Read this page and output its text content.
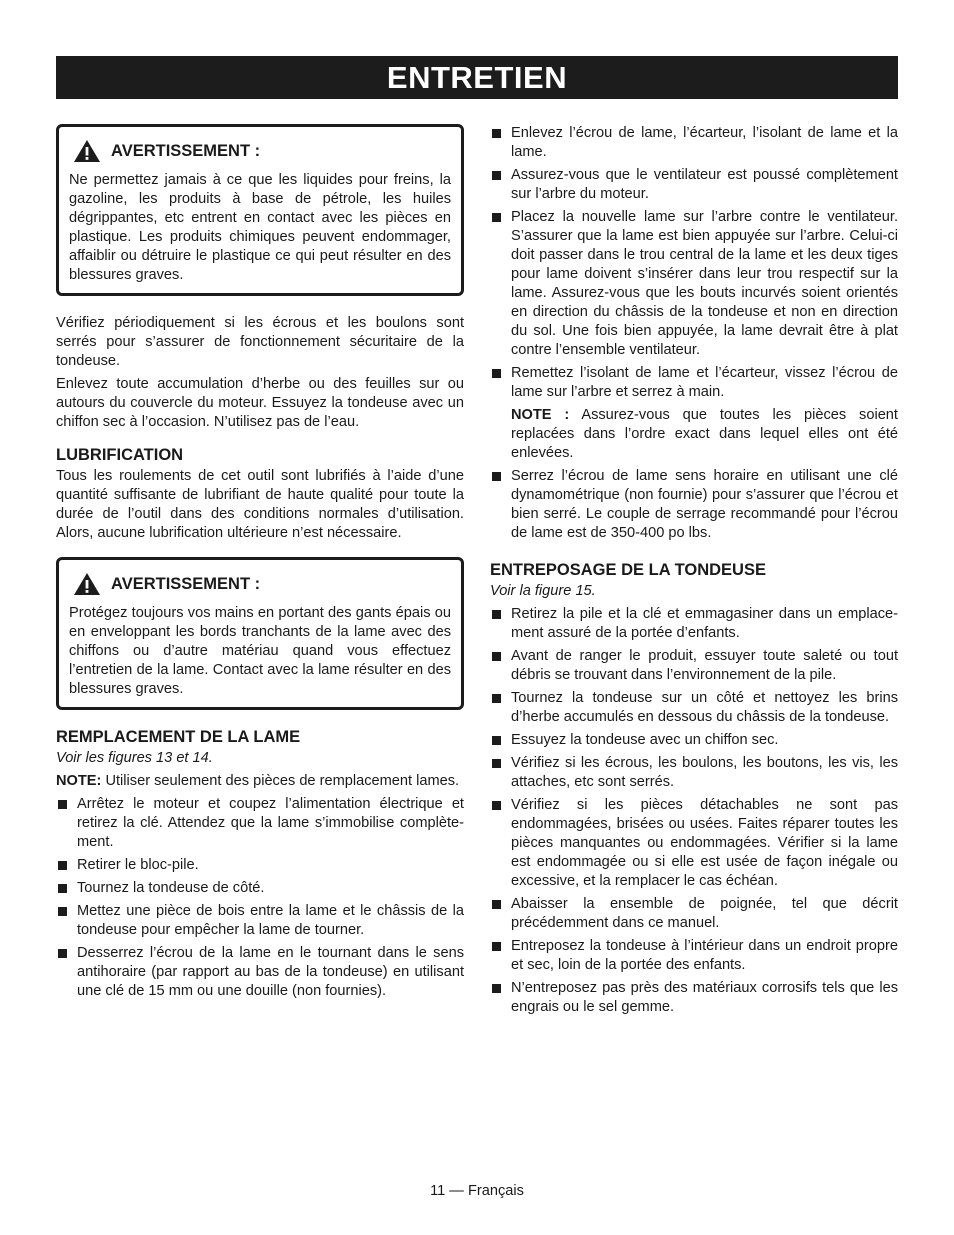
ENTRETIEN
AVERTISSEMENT :

Ne permettez jamais à ce que les liquides pour freins, la gazoline, les produits à base de pétrole, les huiles dégrippantes, etc entrent en contact avec les pièces en plastique. Les produits chimiques peuvent endommager, affaiblir ou détruire le plastique ce qui peut résulter en des blessures graves.

Vérifiez périodiquement si les écrous et les boulons sont serrés pour s’assurer de fonctionnement sécuritaire de la tondeuse.

Enlevez toute accumulation d’herbe ou des feuilles sur ou autours du couvercle du moteur. Essuyez la tondeuse avec un chiffon sec à l’occasion. N’utilisez pas de l’eau.

LUBRIFICATION

Tous les roulements de cet outil sont lubrifiés à l’aide d’une quantité suffisante de lubrifiant de haute qualité pour toute la durée de l’outil dans des conditions normales d’utilisation. Alors, aucune lubrification ultérieure n’est nécessaire.

AVERTISSEMENT :

Protégez toujours vos mains en portant des gants épais ou en enveloppant les bords tranchants de la lame avec des chiffons ou d’autre matériau quand vous effectuez l’entretien de la lame. Contact avec la lame résulter en des blessures graves.

REMPLACEMENT DE LA LAME
Voir les figures 13 et 14.

NOTE: Utiliser seulement des pièces de remplacement lames.

Arrêtez le moteur et coupez l’alimentation électrique et retirez la clé. Attendez que la lame s’immobilise complète-ment.
Retirer le bloc-pile.
Tournez la tondeuse de côté.
Mettez une pièce de bois entre la lame et le châssis de la tondeuse pour empêcher la lame de tourner.
Desserrez l’écrou de la lame en le tournant dans le sens antihoraire (par rapport au bas de la tondeuse) en utilisant une clé de 15 mm ou une douille (non fournies).
Enlevez l’écrou de lame, l’écarteur, l’isolant de lame et la lame.
Assurez-vous que le ventilateur est poussé complètement sur l’arbre du moteur.
Placez la nouvelle lame sur l’arbre contre le ventilateur. S’assurer que la lame est bien appuyée sur l’arbre. Celui-ci doit passer dans le trou central de la lame et les deux tiges pour lame doivent s’insérer dans leur trou respectif sur la lame. Assurez-vous que les bouts incurvés soient orientés en direction du châssis de la tondeuse et non en direction du sol. Une fois bien appuyée, la lame devrait être à plat contre l’ensemble ventilateur.
Remettez l’isolant de lame et l’écarteur, vissez l’écrou de lame sur l’arbre et serrez à main.

NOTE : Assurez-vous que toutes les pièces soient replacées dans l’ordre exact dans lequel elles ont été enlevées.

Serrez l’écrou de lame sens horaire en utilisant une clé dynamométrique (non fournie) pour s’assurer que l’écrou et bien serré. Le couple de serrage recommandé pour l’écrou de lame est de 350-400 po lbs.
ENTREPOSAGE DE LA TONDEUSE
Voir la figure 15.
Retirez la pile et la clé et emmagasiner dans un emplace-ment assuré de la portée d’enfants.
Avant de ranger le produit, essuyer toute saleté ou tout débris se trouvant dans l’environnement de la pile.
Tournez la tondeuse sur un côté et nettoyez les brins d’herbe accumulés en dessous du châssis de la tondeuse.
Essuyez la tondeuse avec un chiffon sec.
Vérifiez si les écrous, les boulons, les boutons, les vis, les attaches, etc sont serrés.
Vérifiez si les pièces détachables ne sont pas endommagées, brisées ou usées. Faites réparer toutes les pièces manquantes ou endommagées. Vérifier si la lame est endommagée ou si elle est usée de façon inégale ou excessive, et la remplacer le cas échéan.
Abaisser la ensemble de poignée, tel que décrit précédemment dans ce manuel.
Entreposez la tondeuse à l’intérieur dans un endroit propre et sec, loin de la portée des enfants.
N’entreposez pas près des matériaux corrosifs tels que les engrais ou le sel gemme.
11 — Français
